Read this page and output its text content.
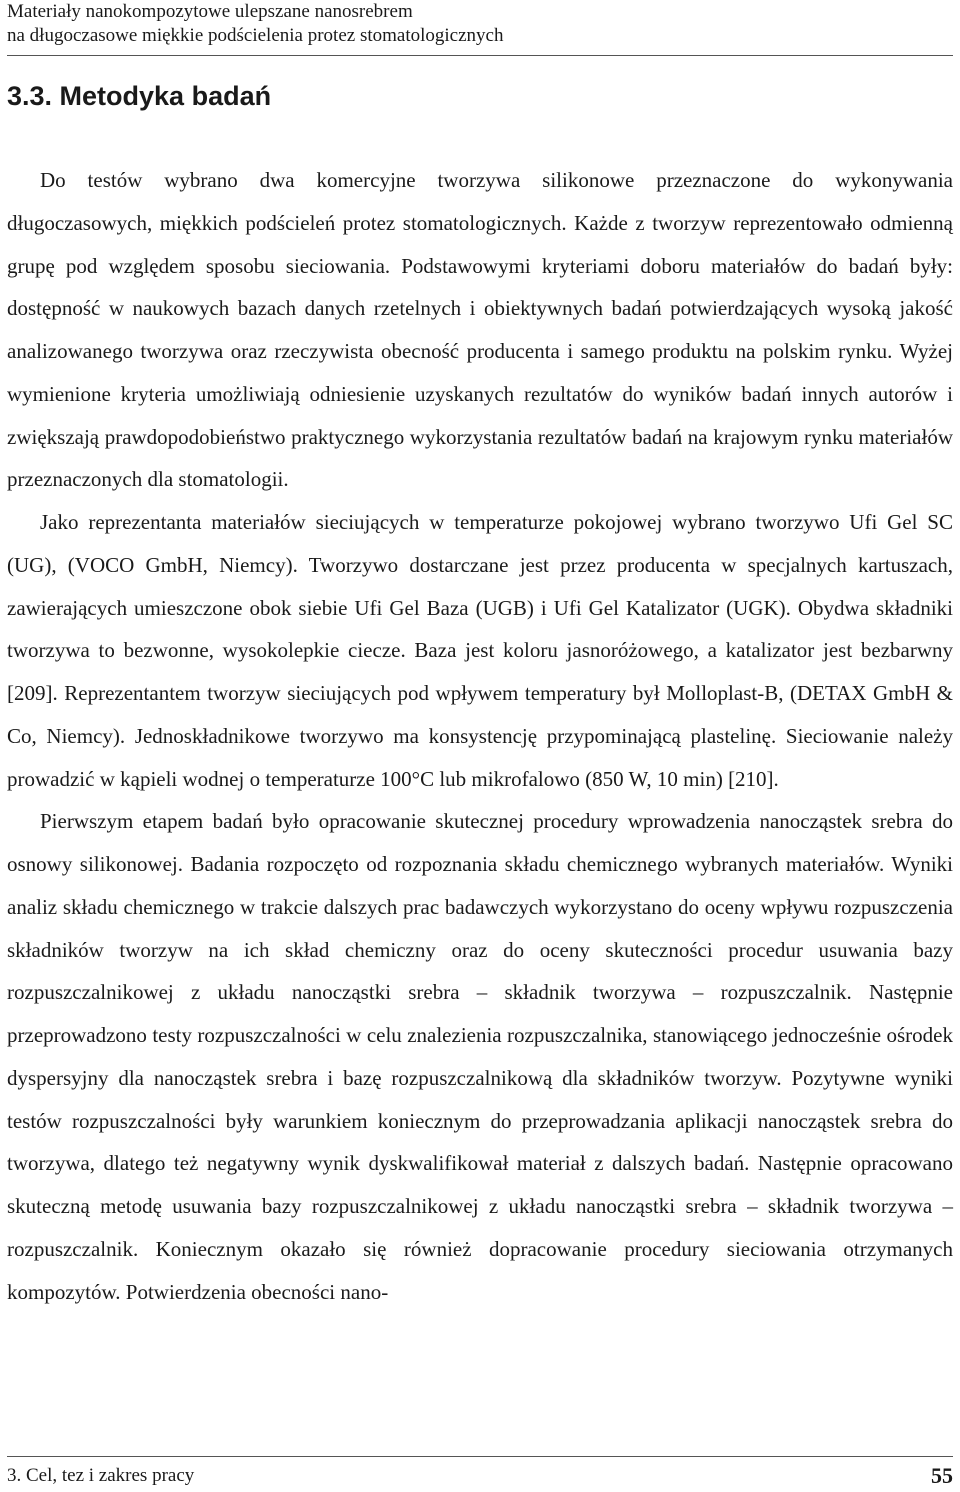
Materiały nanokompozytowe ulepszane nanosrebrem
na długoczasowe miękkie podścielenia protez stomatologicznych
3.3. Metodyka badań

Do testów wybrano dwa komercyjne tworzywa silikonowe przeznaczone do wykonywania długoczasowych, miękkich podścieleń protez stomatologicznych. Każde z tworzyw reprezentowało odmienną grupę pod względem sposobu sieciowania. Podstawowymi kryteriami doboru materiałów do badań były: dostępność w naukowych bazach danych rzetelnych i obiektywnych badań potwierdzających wysoką jakość analizowanego tworzywa oraz rzeczywista obecność producenta i samego produktu na polskim rynku. Wyżej wymienione kryteria umożliwiają odniesienie uzyskanych rezultatów do wyników badań innych autorów i zwiększają prawdopodobieństwo praktycznego wykorzystania rezultatów badań na krajowym rynku materiałów przeznaczonych dla stomatologii.

Jako reprezentanta materiałów sieciujących w temperaturze pokojowej wybrano tworzywo Ufi Gel SC (UG), (VOCO GmbH, Niemcy). Tworzywo dostarczane jest przez producenta w specjalnych kartuszach, zawierających umieszczone obok siebie Ufi Gel Baza (UGB) i Ufi Gel Katalizator (UGK). Obydwa składniki tworzywa to bezwonne, wysokolepkie ciecze. Baza jest koloru jasnoróżowego, a katalizator jest bezbarwny [209]. Reprezentantem tworzyw sieciujących pod wpływem temperatury był Molloplast-B, (DETAX GmbH & Co, Niemcy). Jednoskładnikowe tworzywo ma konsystencję przypominającą plastelinę. Sieciowanie należy prowadzić w kąpieli wodnej o temperaturze 100°C lub mikrofalowo (850 W, 10 min) [210].

Pierwszym etapem badań było opracowanie skutecznej procedury wprowadzenia nanocząstek srebra do osnowy silikonowej. Badania rozpoczęto od rozpoznania składu chemicznego wybranych materiałów. Wyniki analiz składu chemicznego w trakcie dalszych prac badawczych wykorzystano do oceny wpływu rozpuszczenia składników tworzyw na ich skład chemiczny oraz do oceny skuteczności procedur usuwania bazy rozpuszczalnikowej z układu nanocząstki srebra – składnik tworzywa – rozpuszczalnik. Następnie przeprowadzono testy rozpuszczalności w celu znalezienia rozpuszczalnika, stanowiącego jednocześnie ośrodek dyspersyjny dla nanocząstek srebra i bazę rozpuszczalnikową dla składników tworzyw. Pozytywne wyniki testów rozpuszczalności były warunkiem koniecznym do przeprowadzania aplikacji nanocząstek srebra do tworzywa, dlatego też negatywny wynik dyskwalifikował materiał z dalszych badań. Następnie opracowano skuteczną metodę usuwania bazy rozpuszczalnikowej z układu nanocząstki srebra – składnik tworzywa – rozpuszczalnik. Koniecznym okazało się również dopracowanie procedury sieciowania otrzymanych kompozytów. Potwierdzenia obecności nano-

3. Cel, tez i zakres pracy	55
